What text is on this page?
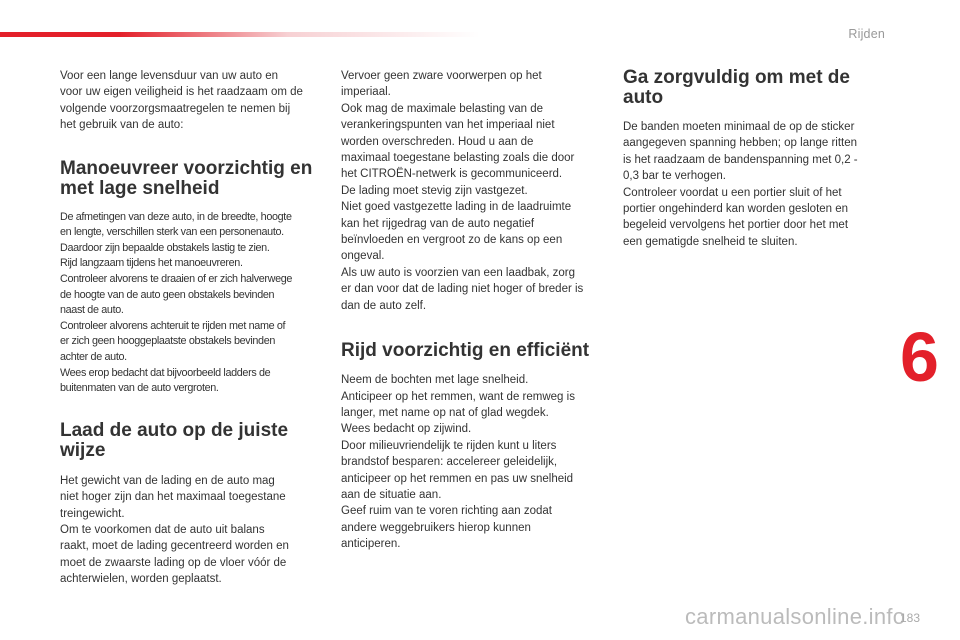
Rijden

Voor een lange levensduur van uw auto en
voor uw eigen veiligheid is het raadzaam om de
volgende voorzorgsmaatregelen te nemen bij
het gebruik van de auto:

Manoeuvreer voorzichtig en
met lage snelheid

De afmetingen van deze auto, in de breedte, hoogte
en lengte, verschillen sterk van een personenauto.
Daardoor zijn bepaalde obstakels lastig te zien.
Rijd langzaam tijdens het manoeuvreren.
Controleer alvorens te draaien of er zich halverwege
de hoogte van de auto geen obstakels bevinden
naast de auto.
Controleer alvorens achteruit te rijden met name of
er zich geen hooggeplaatste obstakels bevinden
achter de auto.
Wees erop bedacht dat bijvoorbeeld ladders de
buitenmaten van de auto vergroten.

Laad de auto op de juiste
wijze

Het gewicht van de lading en de auto mag
niet hoger zijn dan het maximaal toegestane
treingewicht.
Om te voorkomen dat de auto uit balans
raakt, moet de lading gecentreerd worden en
moet de zwaarste lading op de vloer vóór de
achterwielen, worden geplaatst.

Vervoer geen zware voorwerpen op het
imperiaal.
Ook mag de maximale belasting van de
verankeringspunten van het imperiaal niet
worden overschreden. Houd u aan de
maximaal toegestane belasting zoals die door
het CITROËN-netwerk is gecommuniceerd.
De lading moet stevig zijn vastgezet.
Niet goed vastgezette lading in de laadruimte
kan het rijgedrag van de auto negatief
beïnvloeden en vergroot zo de kans op een
ongeval.
Als uw auto is voorzien van een laadbak, zorg
er dan voor dat de lading niet hoger of breder is
dan de auto zelf.

Rijd voorzichtig en efficiënt

Neem de bochten met lage snelheid.
Anticipeer op het remmen, want de remweg is
langer, met name op nat of glad wegdek.
Wees bedacht op zijwind.
Door milieuvriendelijk te rijden kunt u liters
brandstof besparen: accelereer geleidelijk,
anticipeer op het remmen en pas uw snelheid
aan de situatie aan.
Geef ruim van te voren richting aan zodat
andere weggebruikers hierop kunnen
anticiperen.

Ga zorgvuldig om met de
auto

De banden moeten minimaal de op de sticker
aangegeven spanning hebben; op lange ritten
is het raadzaam de bandenspanning met 0,2 -
0,3 bar te verhogen.
Controleer voordat u een portier sluit of het
portier ongehinderd kan worden gesloten en
begeleid vervolgens het portier door het met
een gematigde snelheid te sluiten.

6
carmanualsonline.info
183
